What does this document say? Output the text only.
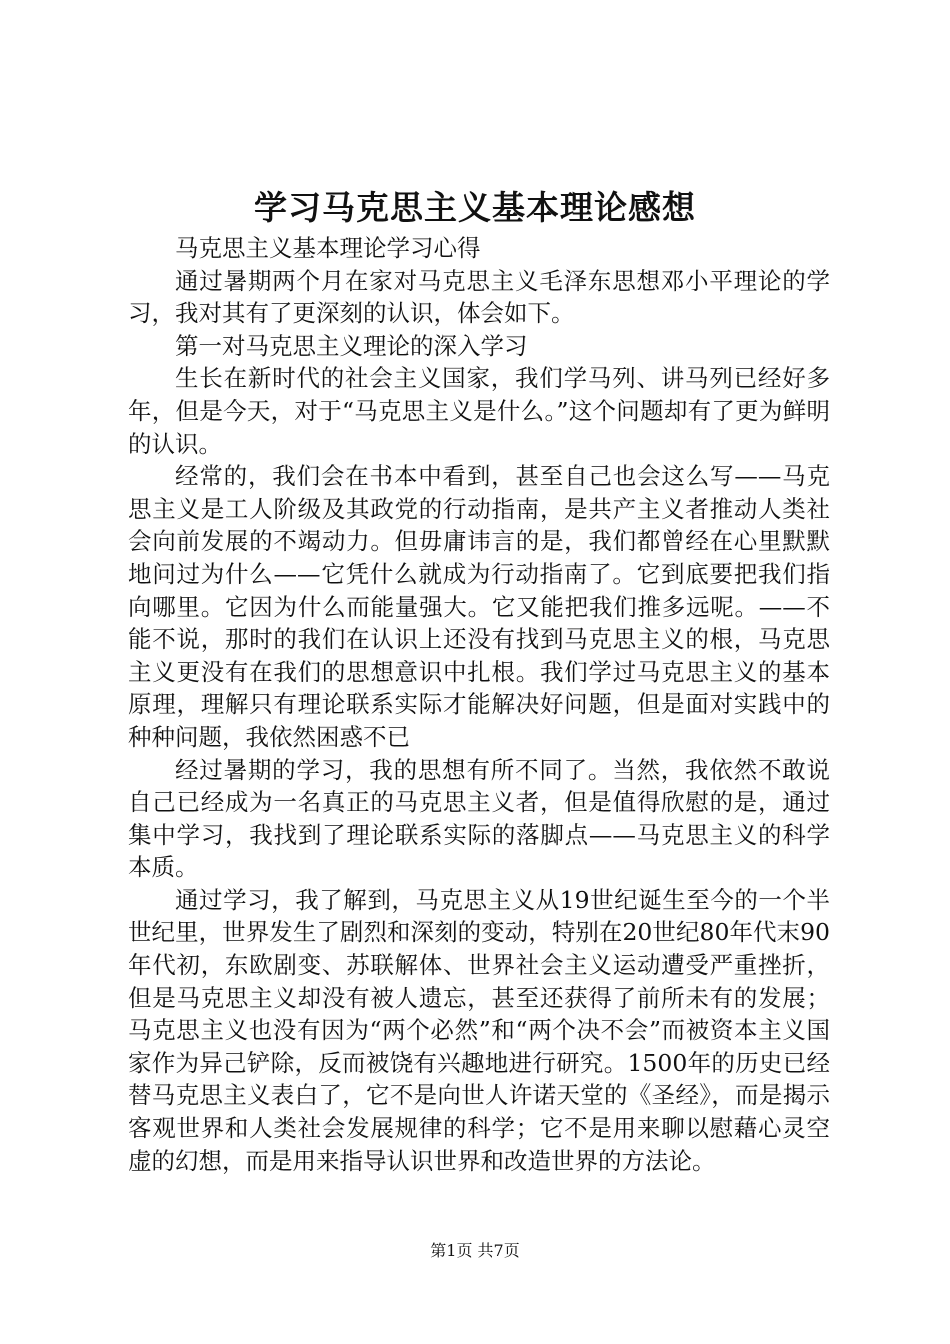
学习马克思主义基本理论感想

马克思主义基本理论学习心得

通过暑期两个月在家对马克思主义毛泽东思想邓小平理论的学习，我对其有了更深刻的认识，体会如下。

第一对马克思主义理论的深入学习

生长在新时代的社会主义国家，我们学马列、讲马列已经好多年，但是今天，对于“马克思主义是什么。”这个问题却有了更为鲜明的认识。

经常的，我们会在书本中看到，甚至自己也会这么写——马克思主义是工人阶级及其政党的行动指南，是共产主义者推动人类社会向前发展的不竭动力。但毋庸讳言的是，我们都曾经在心里默默地问过为什么——它凭什么就成为行动指南了。它到底要把我们指向哪里。它因为什么而能量强大。它又能把我们推多远呢。——不能不说，那时的我们在认识上还没有找到马克思主义的根，马克思主义更没有在我们的思想意识中扎根。我们学过马克思主义的基本原理，理解只有理论联系实际才能解决好问题，但是面对实践中的种种问题，我依然困惑不已

经过暑期的学习，我的思想有所不同了。当然，我依然不敢说自己已经成为一名真正的马克思主义者，但是值得欣慰的是，通过集中学习，我找到了理论联系实际的落脚点——马克思主义的科学本质。

通过学习，我了解到，马克思主义从19世纪诞生至今的一个半世纪里，世界发生了剧烈和深刻的变动，特别在20世纪80年代末90年代初，东欧剧变、苏联解体、世界社会主义运动遭受严重挫折，但是马克思主义却没有被人遗忘，甚至还获得了前所未有的发展；马克思主义也没有因为“两个必然”和“两个决不会”而被资本主义国家作为异己铲除，反而被饶有兴趣地进行研究。1500年的历史已经替马克思主义表白了，它不是向世人许诺天堂的《圣经》，而是揭示客观世界和人类社会发展规律的科学；它不是用来聊以慰藉心灵空虚的幻想，而是用来指导认识世界和改造世界的方法论。

第1页 共7页
